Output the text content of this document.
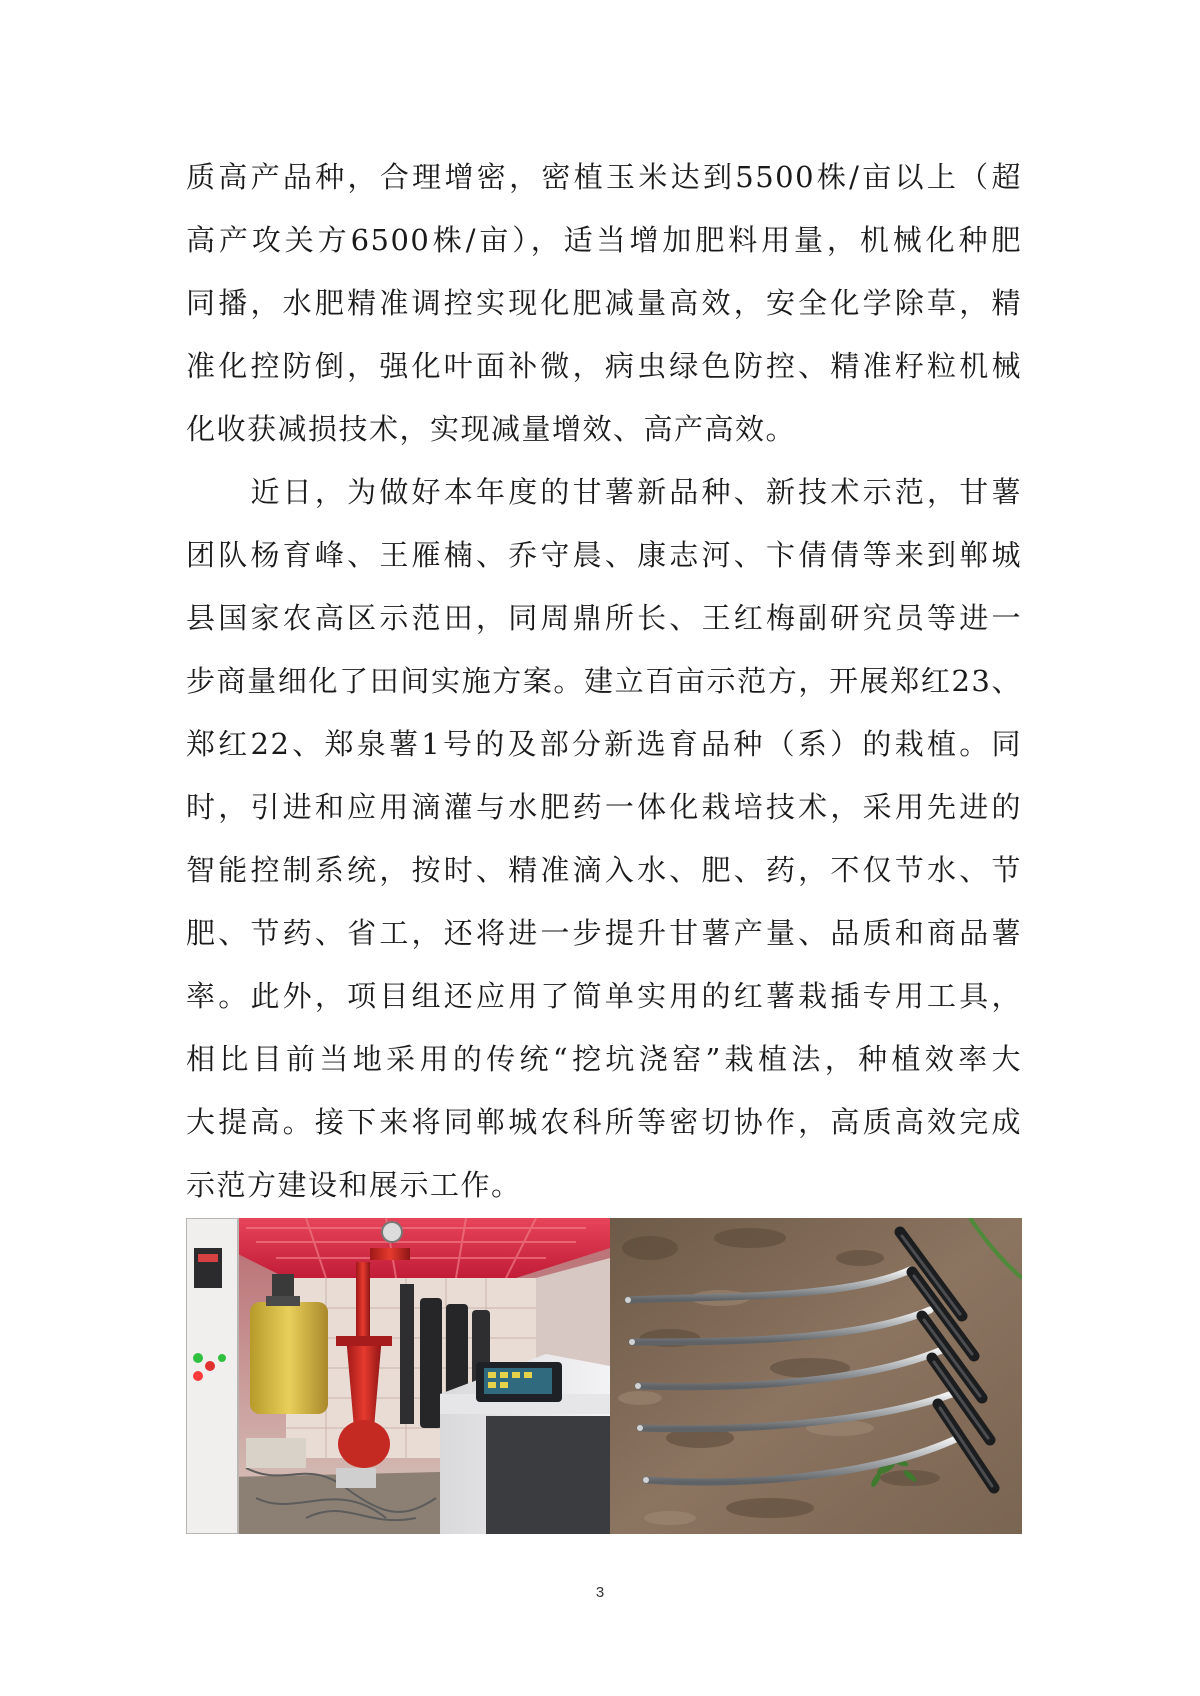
质高产品种，合理增密，密植玉米达到5500株/亩以上（超
高产攻关方6500株/亩），适当增加肥料用量，机械化种肥
同播，水肥精准调控实现化肥减量高效，安全化学除草，精
准化控防倒，强化叶面补微，病虫绿色防控、精准籽粒机械
化收获减损技术，实现减量增效、高产高效。
　　近日，为做好本年度的甘薯新品种、新技术示范，甘薯
团队杨育峰、王雁楠、乔守晨、康志河、卞倩倩等来到郸城
县国家农高区示范田，同周鼎所长、王红梅副研究员等进一
步商量细化了田间实施方案。建立百亩示范方，开展郑红23、
郑红22、郑泉薯1号的及部分新选育品种（系）的栽植。同
时，引进和应用滴灌与水肥药一体化栽培技术，采用先进的
智能控制系统，按时、精准滴入水、肥、药，不仅节水、节
肥、节药、省工，还将进一步提升甘薯产量、品质和商品薯
率。此外，项目组还应用了简单实用的红薯栽插专用工具，
相比目前当地采用的传统“挖坑浇窑”栽植法，种植效率大
大提高。接下来将同郸城农科所等密切协作，高质高效完成
示范方建设和展示工作。
3
